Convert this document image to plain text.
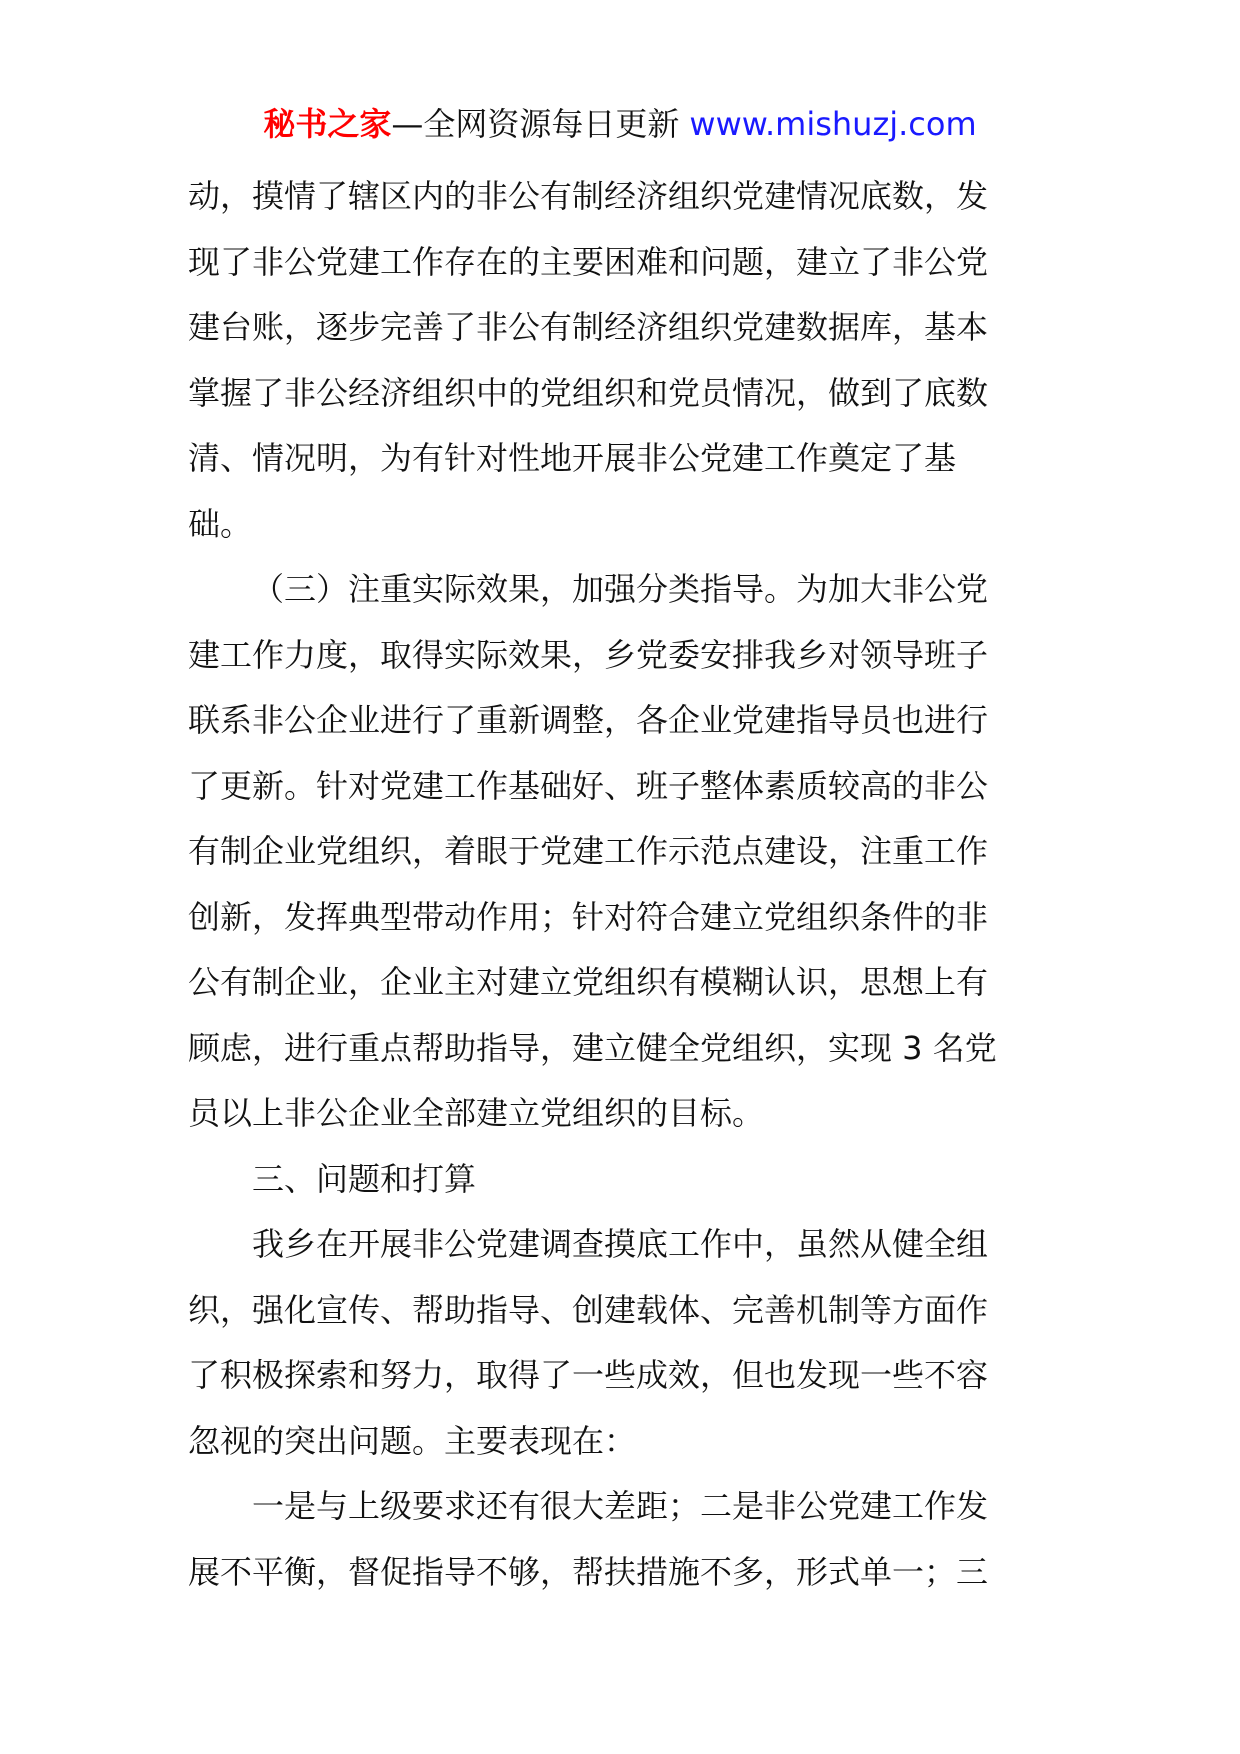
秘书之家—全网资源每日更新 www.mishuzj.com
动，摸情了辖区内的非公有制经济组织党建情况底数，发
现了非公党建工作存在的主要困难和问题，建立了非公党
建台账，逐步完善了非公有制经济组织党建数据库，基本
掌握了非公经济组织中的党组织和党员情况，做到了底数
清、情况明，为有针对性地开展非公党建工作奠定了基
础。
（三）注重实际效果，加强分类指导。为加大非公党
建工作力度，取得实际效果，乡党委安排我乡对领导班子
联系非公企业进行了重新调整，各企业党建指导员也进行
了更新。针对党建工作基础好、班子整体素质较高的非公
有制企业党组织，着眼于党建工作示范点建设，注重工作
创新，发挥典型带动作用；针对符合建立党组织条件的非
公有制企业，企业主对建立党组织有模糊认识，思想上有
顾虑，进行重点帮助指导，建立健全党组织，实现 3 名党
员以上非公企业全部建立党组织的目标。
三、问题和打算
我乡在开展非公党建调查摸底工作中，虽然从健全组
织，强化宣传、帮助指导、创建载体、完善机制等方面作
了积极探索和努力，取得了一些成效，但也发现一些不容
忽视的突出问题。主要表现在：
一是与上级要求还有很大差距；二是非公党建工作发
展不平衡，督促指导不够，帮扶措施不多，形式单一；三
